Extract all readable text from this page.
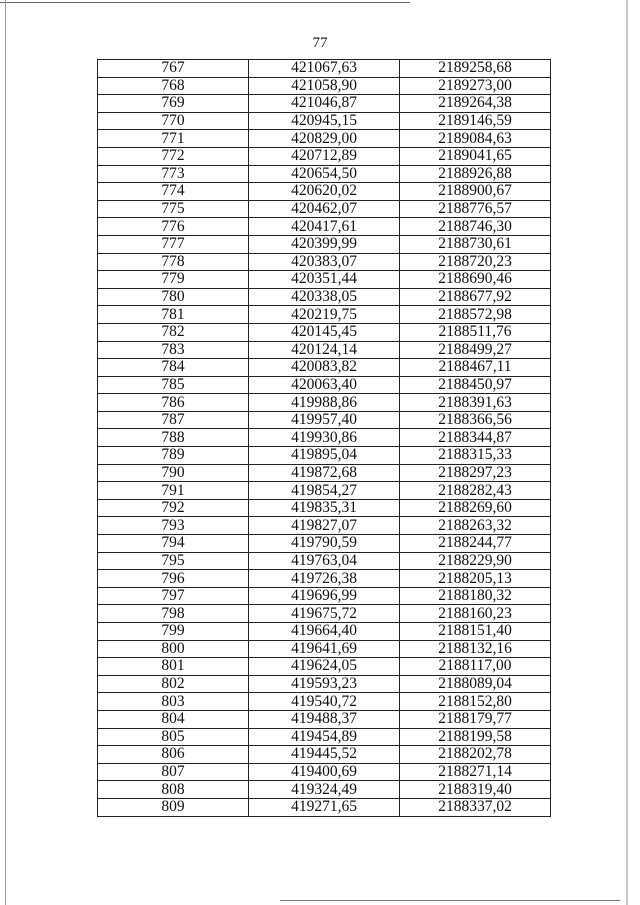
77
767	421067,63	2189258,68
768	421058,90	2189273,00
769	421046,87	2189264,38
770	420945,15	2189146,59
771	420829,00	2189084,63
772	420712,89	2189041,65
773	420654,50	2188926,88
774	420620,02	2188900,67
775	420462,07	2188776,57
776	420417,61	2188746,30
777	420399,99	2188730,61
778	420383,07	2188720,23
779	420351,44	2188690,46
780	420338,05	2188677,92
781	420219,75	2188572,98
782	420145,45	2188511,76
783	420124,14	2188499,27
784	420083,82	2188467,11
785	420063,40	2188450,97
786	419988,86	2188391,63
787	419957,40	2188366,56
788	419930,86	2188344,87
789	419895,04	2188315,33
790	419872,68	2188297,23
791	419854,27	2188282,43
792	419835,31	2188269,60
793	419827,07	2188263,32
794	419790,59	2188244,77
795	419763,04	2188229,90
796	419726,38	2188205,13
797	419696,99	2188180,32
798	419675,72	2188160,23
799	419664,40	2188151,40
800	419641,69	2188132,16
801	419624,05	2188117,00
802	419593,23	2188089,04
803	419540,72	2188152,80
804	419488,37	2188179,77
805	419454,89	2188199,58
806	419445,52	2188202,78
807	419400,69	2188271,14
808	419324,49	2188319,40
809	419271,65	2188337,02
